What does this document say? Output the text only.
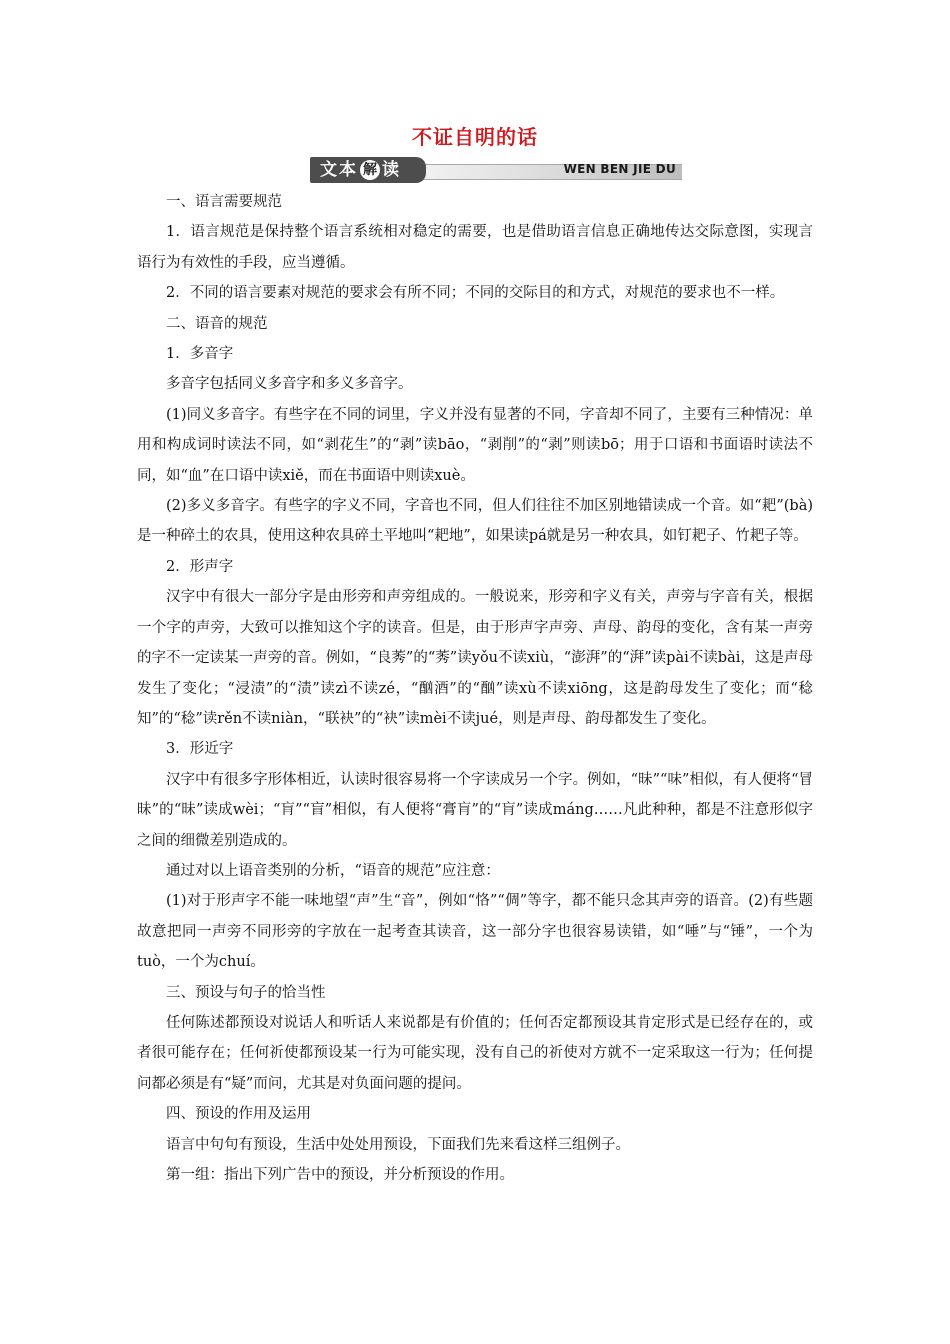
不证自明的话
文本 解 读	WEN BEN JIE DU

一、语言需要规范

1．语言规范是保持整个语言系统相对稳定的需要，也是借助语言信息正确地传达交际意图，实现言语行为有效性的手段，应当遵循。

2．不同的语言要素对规范的要求会有所不同；不同的交际目的和方式，对规范的要求也不一样。

二、语音的规范

1．多音字

多音字包括同义多音字和多义多音字。

(1)同义多音字。有些字在不同的词里，字义并没有显著的不同，字音却不同了，主要有三种情况：单用和构成词时读法不同，如“剥花生”的“剥”读bāo，“剥削”的“剥”则读bō；用于口语和书面语时读法不同，如“血”在口语中读xiě，而在书面语中则读xuè。

(2)多义多音字。有些字的字义不同，字音也不同，但人们往往不加区别地错读成一个音。如“耙”(bà)是一种碎土的农具，使用这种农具碎土平地叫“耙地”，如果读pá就是另一种农具，如钉耙子、竹耙子等。

2．形声字

汉字中有很大一部分字是由形旁和声旁组成的。一般说来，形旁和字义有关，声旁与字音有关，根据一个字的声旁，大致可以推知这个字的读音。但是，由于形声字声旁、声母、韵母的变化，含有某一声旁的字不一定读某一声旁的音。例如，“良莠”的“莠”读yǒu不读xiù，“澎湃”的“湃”读pài不读bài，这是声母发生了变化；“浸渍”的“渍”读zì不读zé，“酗酒”的“酗”读xù不读xiōng，这是韵母发生了变化；而“稔知”的“稔”读rěn不读niàn，“联袂”的“袂”读mèi不读jué，则是声母、韵母都发生了变化。

3．形近字

汉字中有很多字形体相近，认读时很容易将一个字读成另一个字。例如，“昧”“味”相似，有人便将“冒昧”的“昧”读成wèi；“肓”“盲”相似，有人便将“膏肓”的“肓”读成máng……凡此种种，都是不注意形似字之间的细微差别造成的。

通过对以上语音类别的分析，“语音的规范”应注意：

(1)对于形声字不能一味地望“声”生“音”，例如“恪”“倜”等字，都不能只念其声旁的语音。(2)有些题故意把同一声旁不同形旁的字放在一起考查其读音，这一部分字也很容易读错，如“唾”与“锤”，一个为tuò，一个为chuí。

三、预设与句子的恰当性

任何陈述都预设对说话人和听话人来说都是有价值的；任何否定都预设其肯定形式是已经存在的，或者很可能存在；任何祈使都预设某一行为可能实现，没有自己的祈使对方就不一定采取这一行为；任何提问都必须是有“疑”而问，尤其是对负面问题的提问。

四、预设的作用及运用

语言中句句有预设，生活中处处用预设，下面我们先来看这样三组例子。

第一组：指出下列广告中的预设，并分析预设的作用。
